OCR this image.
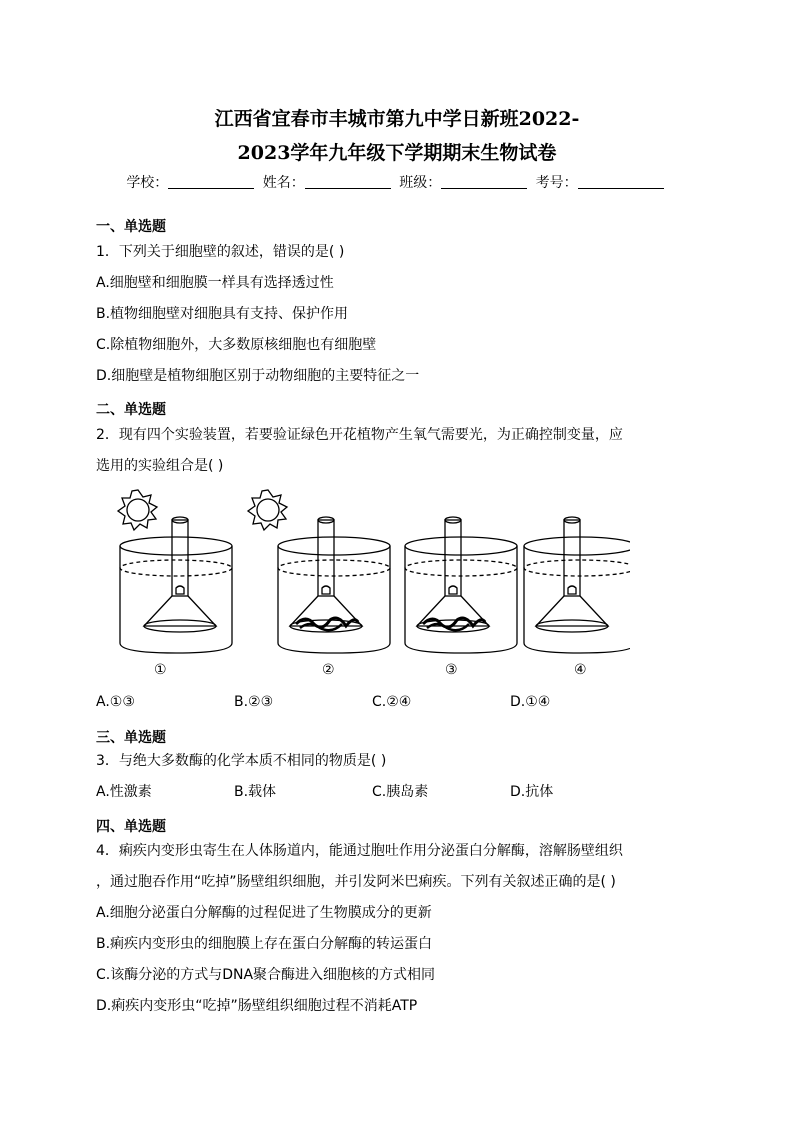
江西省宜春市丰城市第九中学日新班2022-
2023学年九年级下学期期末生物试卷
学校：	姓名：	班级：	考号：
一、单选题
1．下列关于细胞壁的叙述，错误的是( )
A.细胞壁和细胞膜一样具有选择透过性
B.植物细胞壁对细胞具有支持、保护作用
C.除植物细胞外，大多数原核细胞也有细胞壁
D.细胞壁是植物细胞区别于动物细胞的主要特征之一
二、单选题
2．现有四个实验装置，若要验证绿色开花植物产生氧气需要光，为正确控制变量，应
选用的实验组合是( )
①	②	③	④
A.①③	B.②③	C.②④	D.①④
三、单选题
3．与绝大多数酶的化学本质不相同的物质是( )
A.性激素	B.载体	C.胰岛素	D.抗体
四、单选题
4．痢疾内变形虫寄生在人体肠道内，能通过胞吐作用分泌蛋白分解酶，溶解肠壁组织
，通过胞吞作用“吃掉”肠壁组织细胞，并引发阿米巴痢疾。下列有关叙述正确的是( )
A.细胞分泌蛋白分解酶的过程促进了生物膜成分的更新
B.痢疾内变形虫的细胞膜上存在蛋白分解酶的转运蛋白
C.该酶分泌的方式与DNA聚合酶进入细胞核的方式相同
D.痢疾内变形虫“吃掉”肠壁组织细胞过程不消耗ATP
